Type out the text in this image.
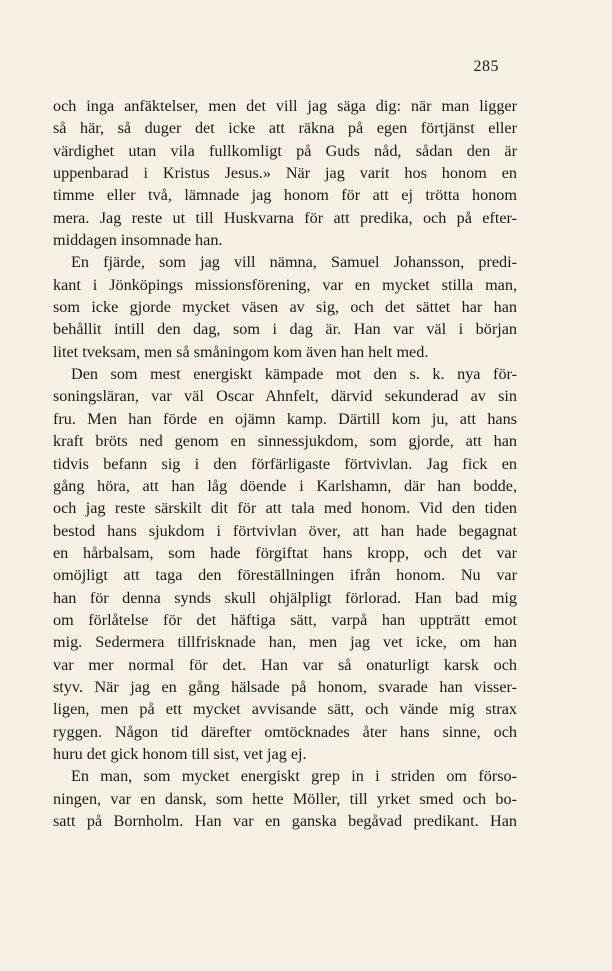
285
och inga anfäktelser, men det vill jag säga dig: när man ligger
så här, så duger det icke att räkna på egen förtjänst eller
värdighet utan vila fullkomligt på Guds nåd, sådan den är
uppenbarad i Kristus Jesus.» När jag varit hos honom en
timme eller två, lämnade jag honom för att ej trötta honom
mera. Jag reste ut till Huskvarna för att predika, och på efter-
middagen insomnade han.
En fjärde, som jag vill nämna, Samuel Johansson, predi-
kant i Jönköpings missionsförening, var en mycket stilla man,
som icke gjorde mycket väsen av sig, och det sättet har han
behållit intill den dag, som i dag är. Han var väl i början
litet tveksam, men så småningom kom även han helt med.
Den som mest energiskt kämpade mot den s. k. nya för-
soningsläran, var väl Oscar Ahnfelt, därvid sekunderad av sin
fru. Men han förde en ojämn kamp. Därtill kom ju, att hans
kraft bröts ned genom en sinnessjukdom, som gjorde, att han
tidvis befann sig i den förfärligaste förtvivlan. Jag fick en
gång höra, att han låg döende i Karlshamn, där han bodde,
och jag reste särskilt dit för att tala med honom. Vid den tiden
bestod hans sjukdom i förtvivlan över, att han hade begagnat
en hårbalsam, som hade förgiftat hans kropp, och det var
omöjligt att taga den föreställningen ifrån honom. Nu var
han för denna synds skull ohjälpligt förlorad. Han bad mig
om förlåtelse för det häftiga sätt, varpå han uppträtt emot
mig. Sedermera tillfrisknade han, men jag vet icke, om han
var mer normal för det. Han var så onaturligt karsk och
styv. När jag en gång hälsade på honom, svarade han visser-
ligen, men på ett mycket avvisande sätt, och vände mig strax
ryggen. Någon tid därefter omtöcknades åter hans sinne, och
huru det gick honom till sist, vet jag ej.
En man, som mycket energiskt grep in i striden om förso-
ningen, var en dansk, som hette Möller, till yrket smed och bo-
satt på Bornholm. Han var en ganska begåvad predikant. Han
